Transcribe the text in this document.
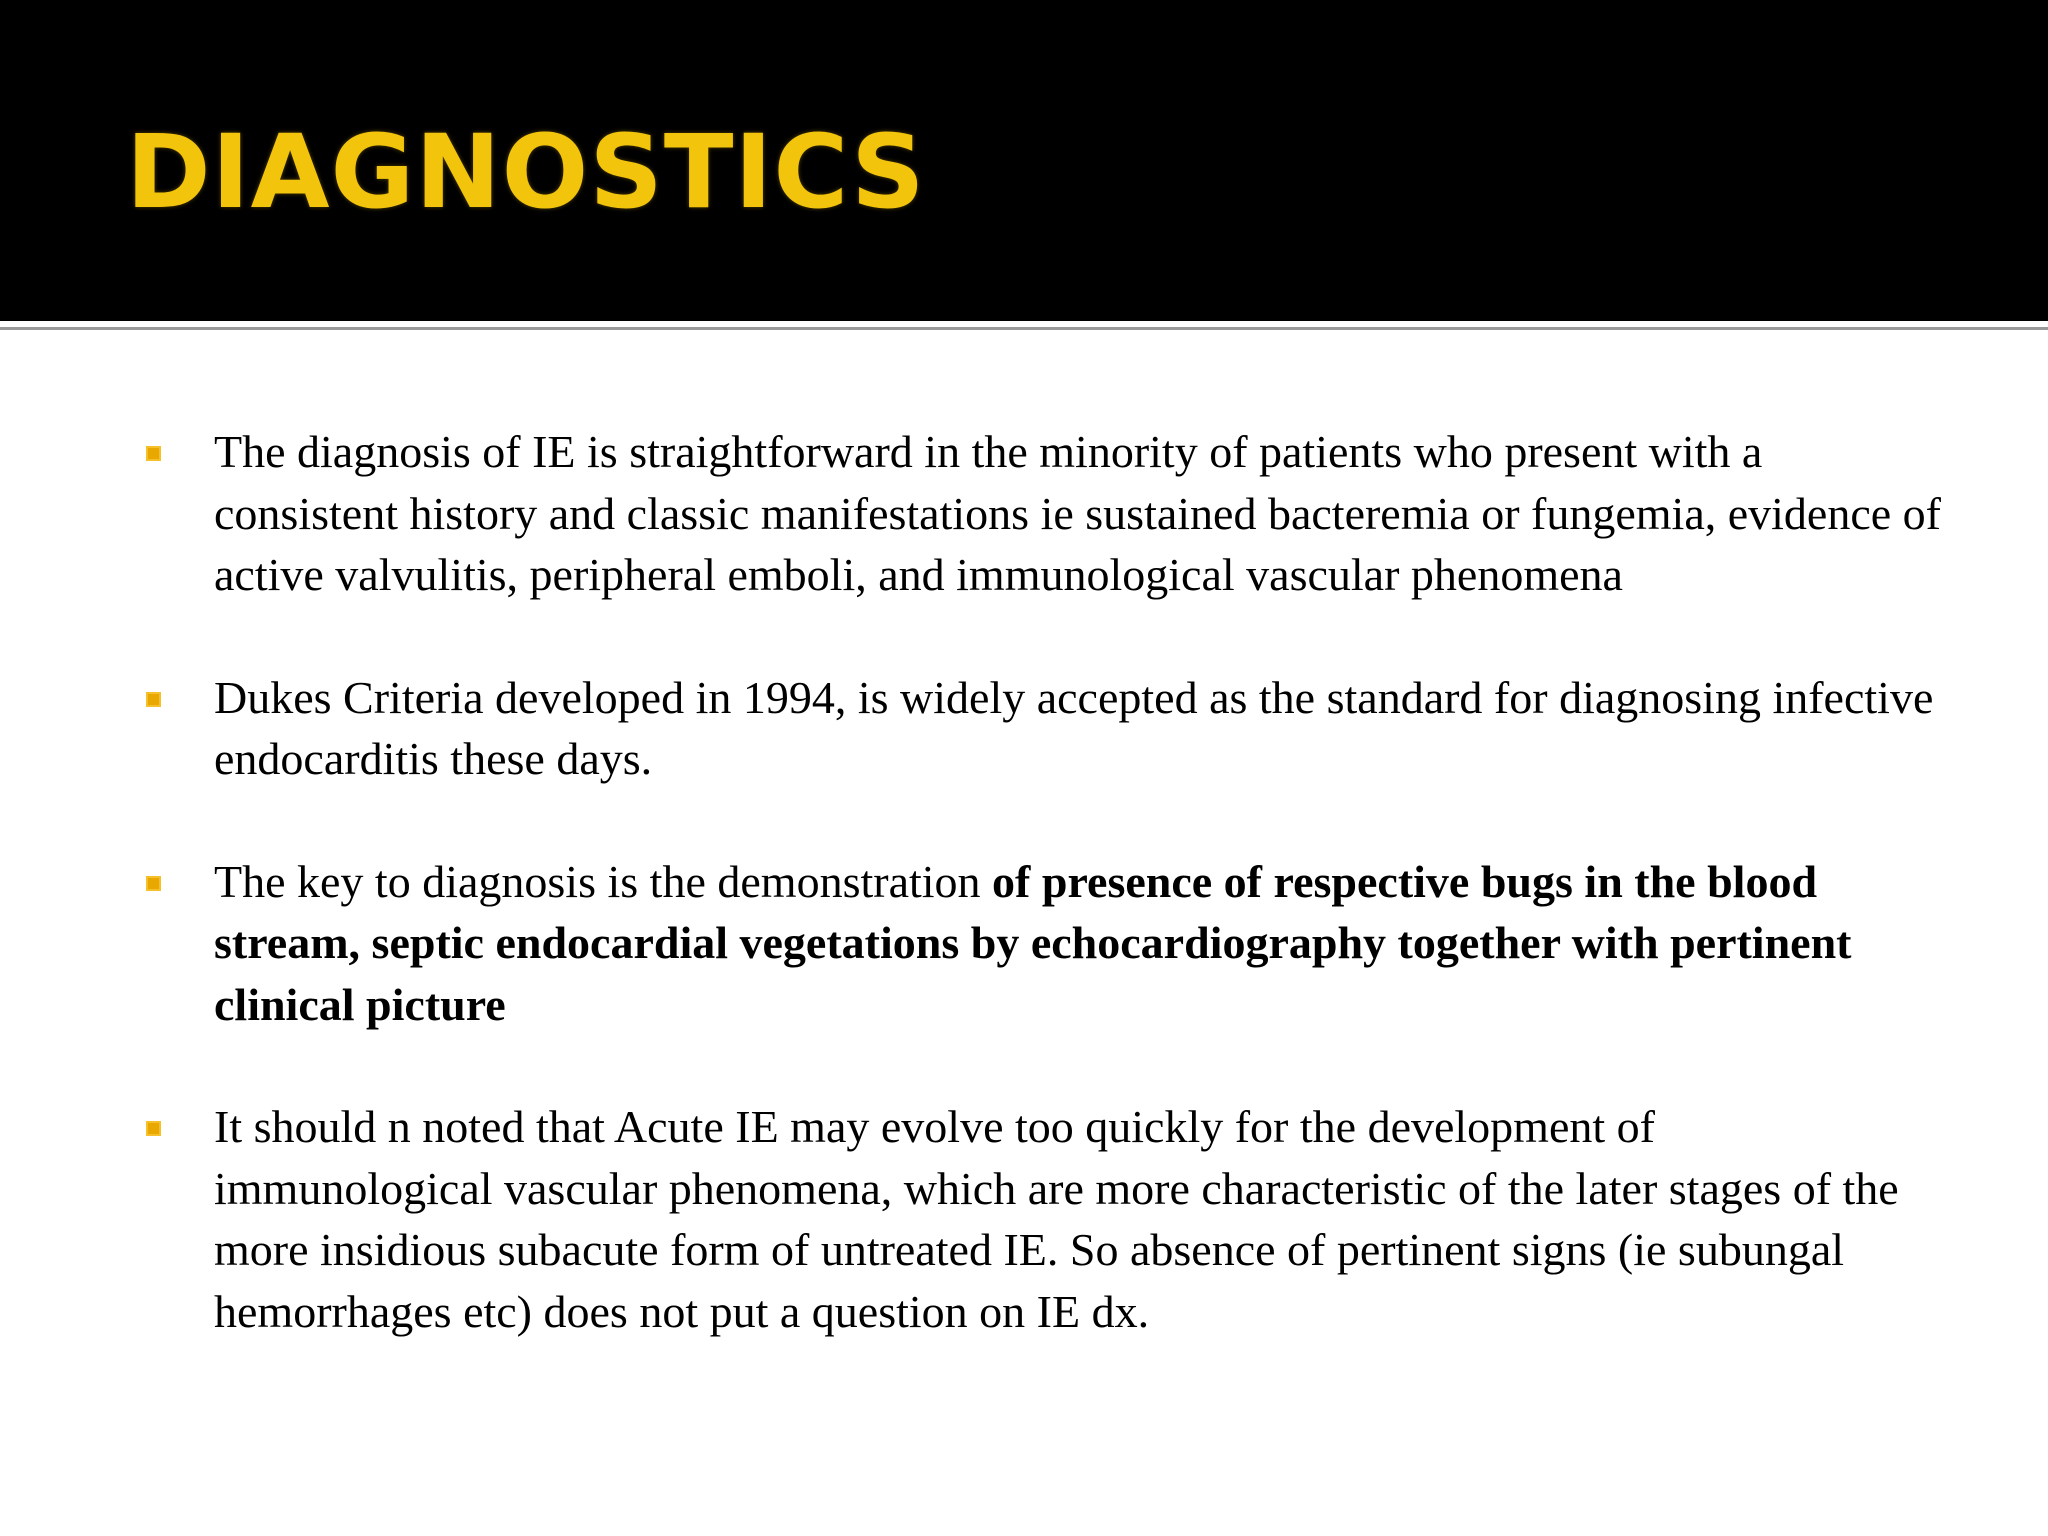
DIAGNOSTICS
The diagnosis of IE is straightforward in the minority of patients who present with a consistent history and classic manifestations ie sustained bacteremia or fungemia, evidence of active valvulitis, peripheral emboli, and immunological vascular phenomena
Dukes Criteria developed in 1994, is widely accepted as the standard for diagnosing infective endocarditis these days.
The key to diagnosis is the demonstration of presence of respective bugs in the blood stream, septic endocardial vegetations by echocardiography together with pertinent clinical picture
It should n noted that Acute IE may evolve too quickly for the development of immunological vascular phenomena, which are more characteristic of the later stages of the more insidious subacute form of untreated IE. So absence of pertinent signs (ie subungal hemorrhages etc) does not put a question on IE dx.
